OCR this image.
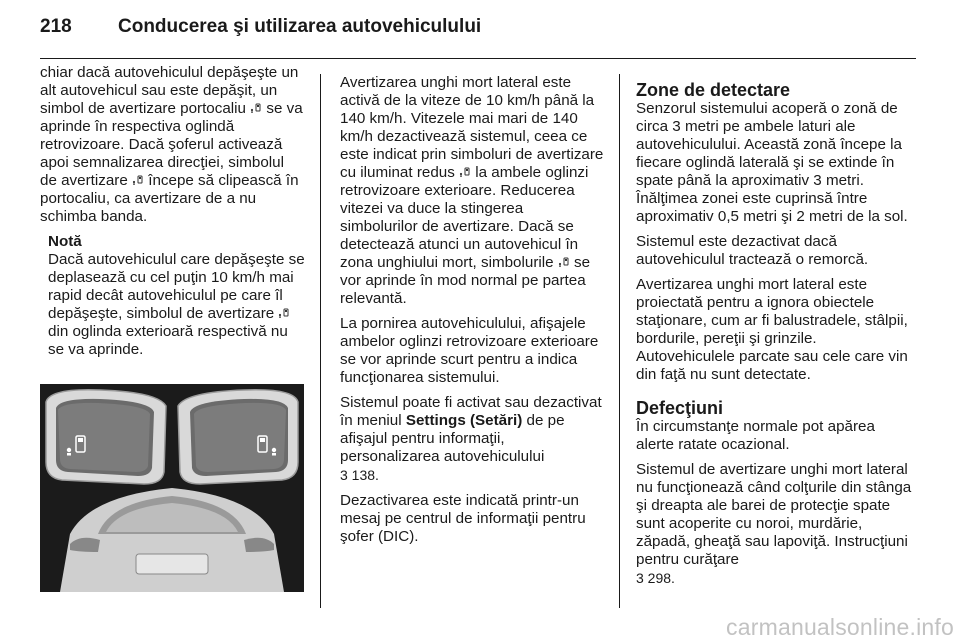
218 Conducerea şi utilizarea autovehiculului

chiar dacă autovehiculul depăşeşte un alt autovehicul sau este depăşit, un simbol de avertizare portocaliu
se va aprinde în respectiva oglindă retrovizoare. Dacă şoferul activează apoi semnalizarea direcţiei, simbolul de avertizare
începe să clipească în portocaliu, ca avertizare de a nu schimba banda.

Notă
Dacă autovehiculul care depăşeşte se deplasează cu cel puţin 10 km/h mai rapid decât autovehiculul pe care îl depăşeşte, simbolul de avertizare
din oglinda exterioară respectivă nu se va aprinde.

Avertizarea unghi mort lateral este activă de la viteze de 10 km/h până la 140 km/h. Vitezele mai mari de 140 km/h dezactivează sistemul, ceea ce este indicat prin simboluri de avertizare cu iluminat redus
la ambele oglinzi retrovizoare exterioare. Reducerea vitezei va duce la stingerea simbolurilor de avertizare. Dacă se detectează atunci un autovehicul în zona unghiului mort, simbolurile
se vor aprinde în mod normal pe partea relevantă.

La pornirea autovehiculului, afişajele ambelor oglinzi retrovizoare exterioare se vor aprinde scurt pentru a indica funcţionarea sistemului.

Sistemul poate fi activat sau dezactivat în meniul Settings (Setări) de pe afişajul pentru informaţii, personalizarea autovehiculului
3 138.

Dezactivarea este indicată printr-un mesaj pe centrul de informaţii pentru şofer (DIC).

Zone de detectare

Senzorul sistemului acoperă o zonă de circa 3 metri pe ambele laturi ale autovehiculului. Această zonă începe la fiecare oglindă laterală şi se extinde în spate până la aproximativ 3 metri. Înălţimea zonei este cuprinsă între aproximativ 0,5 metri şi 2 metri de la sol.

Sistemul este dezactivat dacă autovehiculul tractează o remorcă.

Avertizarea unghi mort lateral este proiectată pentru a ignora obiectele staţionare, cum ar fi balustradele, stâlpii, bordurile, pereţii şi grinzile. Autovehiculele parcate sau cele care vin din faţă nu sunt detectate.

Defecţiuni

În circumstanţe normale pot apărea alerte ratate ocazional.

Sistemul de avertizare unghi mort lateral nu funcţionează când colţurile din stânga şi dreapta ale barei de protecţie spate sunt acoperite cu noroi, murdărie, zăpadă, gheaţă sau lapoviţă. Instrucţiuni pentru curăţare
3 298.

carmanualsonline.info
